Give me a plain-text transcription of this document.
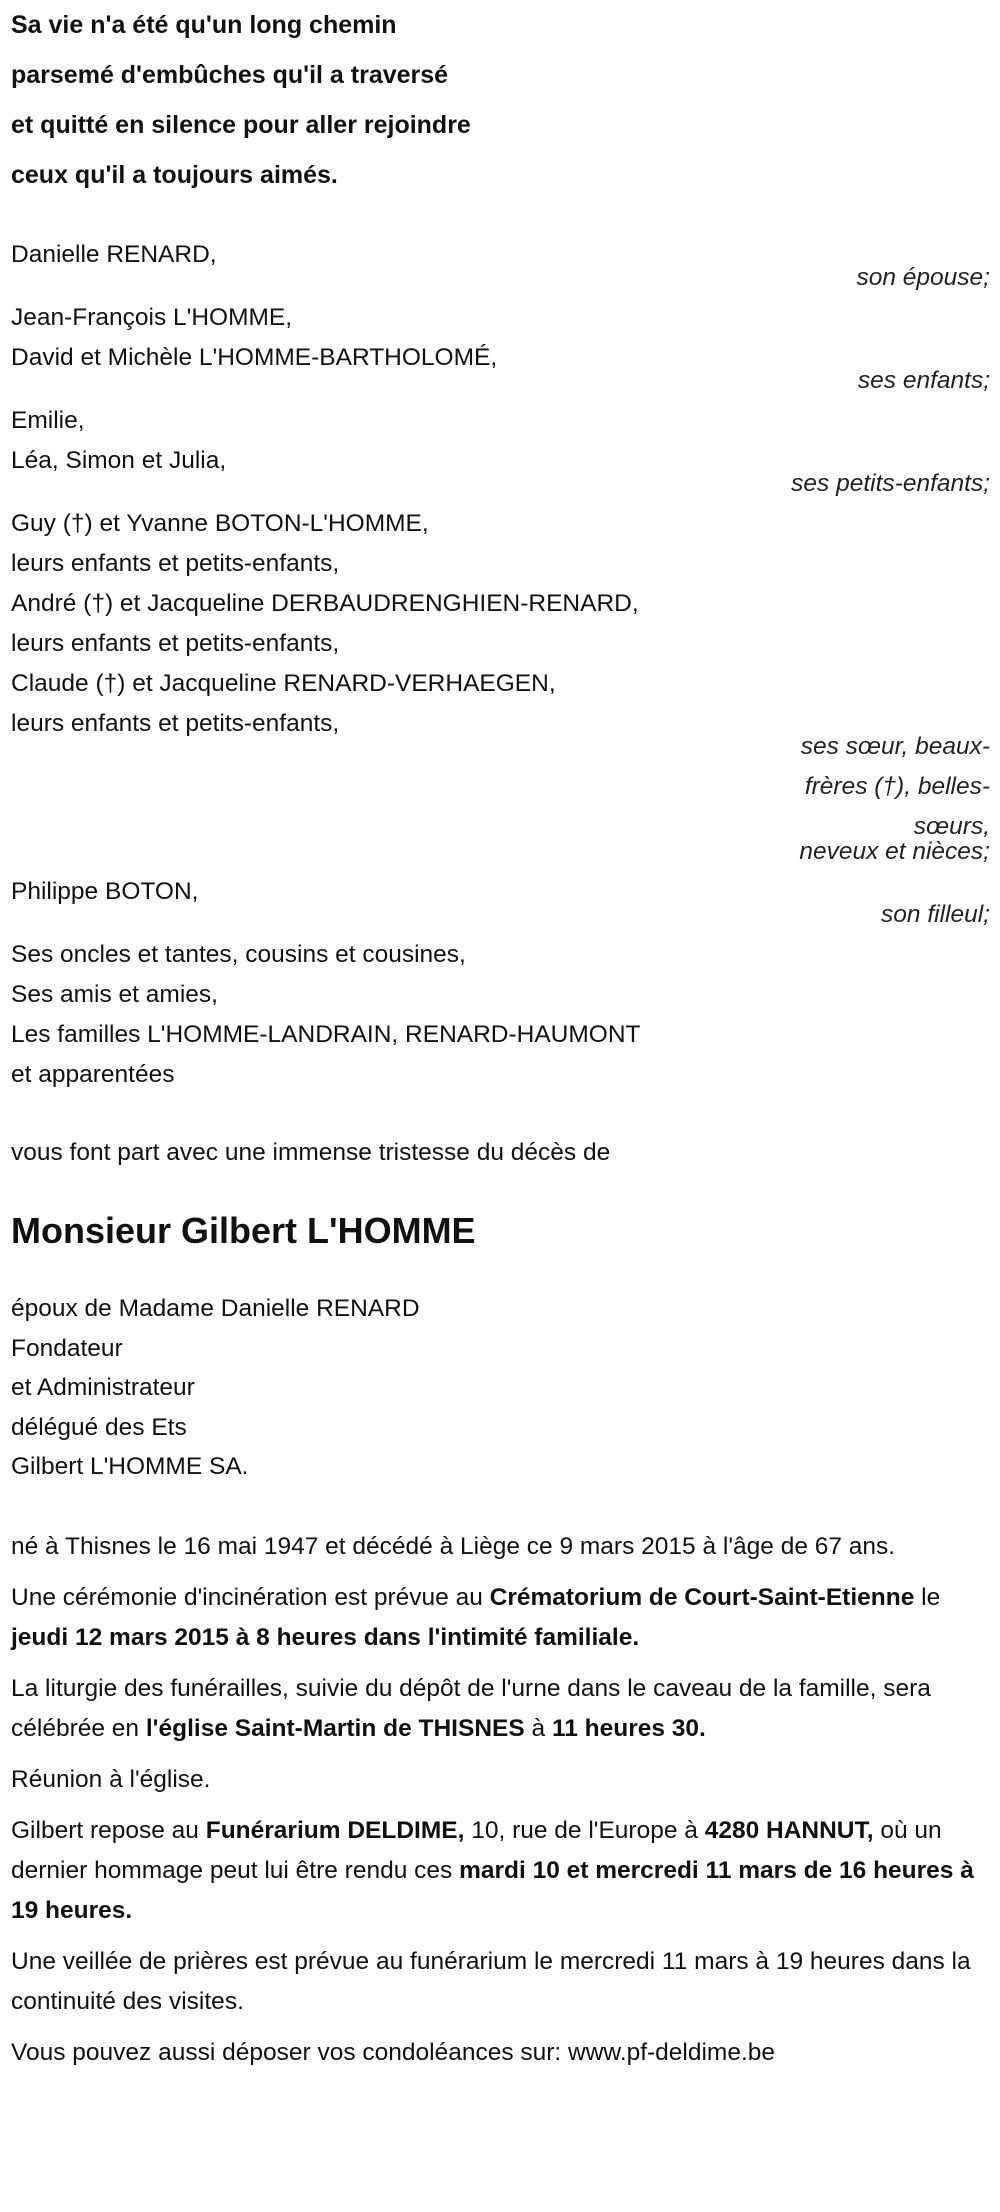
Sa vie n'a été qu'un long chemin
parsemé d'embûches qu'il a traversé
et quitté en silence pour aller rejoindre
ceux qu'il a toujours aimés.
Danielle RENARD,
son épouse;
Jean-François L'HOMME,
David et Michèle L'HOMME-BARTHOLOMÉ,
ses enfants;
Emilie,
Léa, Simon et Julia,
ses petits-enfants;
Guy (†) et Yvanne BOTON-L'HOMME,
leurs enfants et petits-enfants,
André (†) et Jacqueline DERBAUDRENGHIEN-RENARD,
leurs enfants et petits-enfants,
Claude (†) et Jacqueline RENARD-VERHAEGEN,
leurs enfants et petits-enfants,
ses sœur, beaux-
frères (†), belles-
sœurs,
neveux et nièces;
Philippe BOTON,
son filleul;
Ses oncles et tantes, cousins et cousines,
Ses amis et amies,
Les familles L'HOMME-LANDRAIN, RENARD-HAUMONT
et apparentées
vous font part avec une immense tristesse du décès de
Monsieur Gilbert L'HOMME
époux de Madame Danielle RENARD
Fondateur
et Administrateur
délégué des Ets
Gilbert L'HOMME SA.

né à Thisnes le 16 mai 1947 et décédé à Liège ce 9 mars 2015 à l'âge de 67 ans.

Une cérémonie d'incinération est prévue au Crématorium de Court-Saint-Etienne le jeudi 12 mars 2015 à 8 heures dans l'intimité familiale.

La liturgie des funérailles, suivie du dépôt de l'urne dans le caveau de la famille, sera célébrée en l'église Saint-Martin de THISNES à 11 heures 30.

Réunion à l'église.

Gilbert repose au Funérarium DELDIME, 10, rue de l'Europe à 4280 HANNUT, où un dernier hommage peut lui être rendu ces mardi 10 et mercredi 11 mars de 16 heures à 19 heures.

Une veillée de prières est prévue au funérarium le mercredi 11 mars à 19 heures dans la continuité des visites.

Vous pouvez aussi déposer vos condoléances sur: www.pf-deldime.be
